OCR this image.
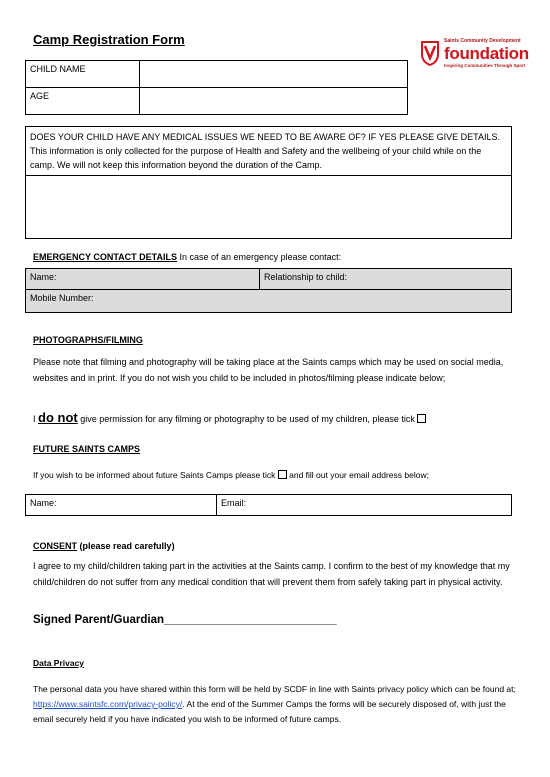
Camp Registration Form	Saints Community Development
foundation
Inspiring Communities Through Sport
CHILD NAME	
AGE	
DOES YOUR CHILD HAVE ANY MEDICAL ISSUES WE NEED TO BE AWARE OF? IF YES PLEASE GIVE DETAILS. This information is only collected for the purpose of Health and Safety and the wellbeing of your child while on the camp. We will not keep this information beyond the duration of the Camp.

EMERGENCY CONTACT DETAILS In case of an emergency please contact:
Name:	Relationship to child:
Mobile Number:
PHOTOGRAPHS/FILMING
Please note that filming and photography will be taking place at the Saints camps which may be used on social media, websites and in print. If you do not wish you child to be included in photos/filming please indicate below;
I do not give permission for any filming or photography to be used of my children, please tick
FUTURE SAINTS CAMPS
If you wish to be informed about future Saints Camps please tick  and fill out your email address below;
Name:	Email:
CONSENT (please read carefully)
I agree to my child/children taking part in the activities at the Saints camp. I confirm to the best of my knowledge that my child/children do not suffer from any medical condition that will prevent them from safely taking part in physical activity.
Signed Parent/Guardian___________________________
Data Privacy
The personal data you have shared within this form will be held by SCDF in line with Saints privacy policy which can be found at; https://www.saintsfc.com/privacy-policy/. At the end of the Summer Camps the forms will be securely disposed of, with just the email securely held if you have indicated you wish to be informed of future camps.
